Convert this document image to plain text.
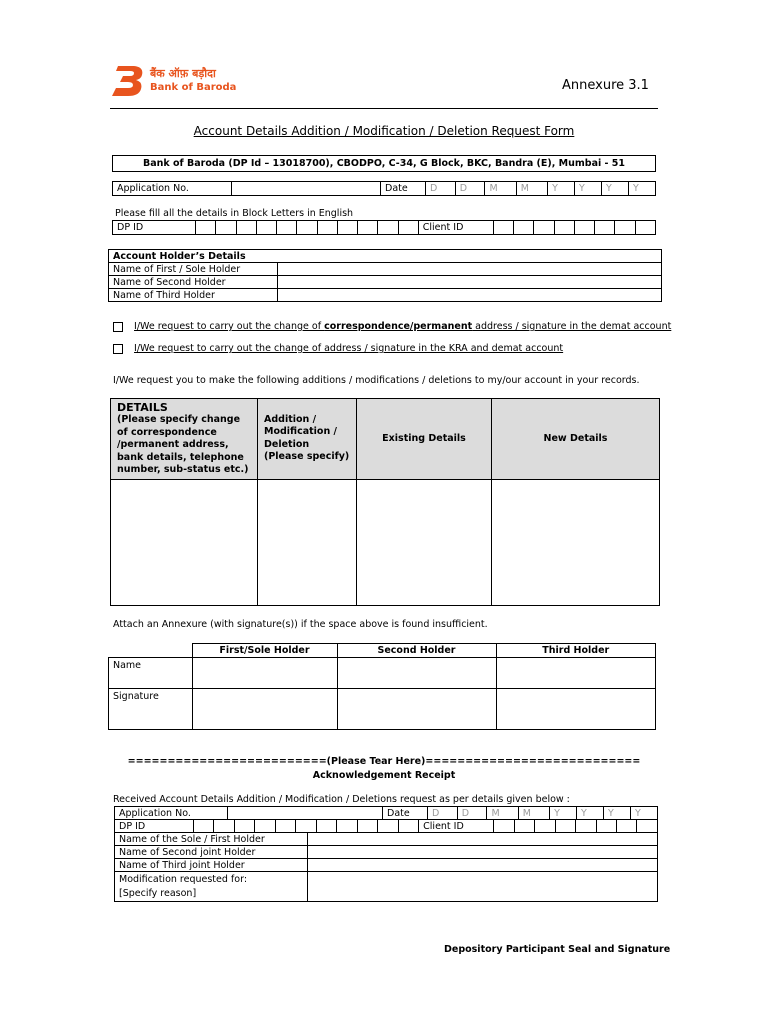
बैंक ऑफ़ बड़ौदा
Bank of Baroda	Annexure 3.1
Account Details Addition / Modification / Deletion Request Form
Bank of Baroda (DP Id – 13018700), CBODPO, C-34, G Block, BKC, Bandra (E), Mumbai - 51
Application No.		Date	D	D	M	M	Y	Y	Y	Y
Please fill all the details in Block Letters in English
DP ID												Client ID								
Account Holder’s Details	
Name of First / Sole Holder	
Name of Second Holder	
Name of Third Holder	
I/We request to carry out the change of correspondence/permanent address / signature in the demat account
I/We request to carry out the change of address / signature in the KRA and demat account
I/We request you to make the following additions / modifications / deletions to my/our account in your records.
DETAILS
(Please specify change of correspondence /permanent address, bank details, telephone number, sub-status etc.)	Addition / Modification / Deletion (Please specify)	Existing Details	New Details

Attach an Annexure (with signature(s)) if the space above is found insufficient.
	First/Sole Holder	Second Holder	Third Holder
Name			
Signature			
=========================(Please Tear Here)===========================
Acknowledgement Receipt
Received Account Details Addition / Modification / Deletions request as per details given below :
Application No.		Date	D	D	M	M	Y	Y	Y	Y
DP ID												Client ID								
Name of the Sole / First Holder	
Name of Second joint Holder	
Name of Third joint Holder	

Modification requested for:
[Specify reason]	

Depository Participant Seal and Signature
